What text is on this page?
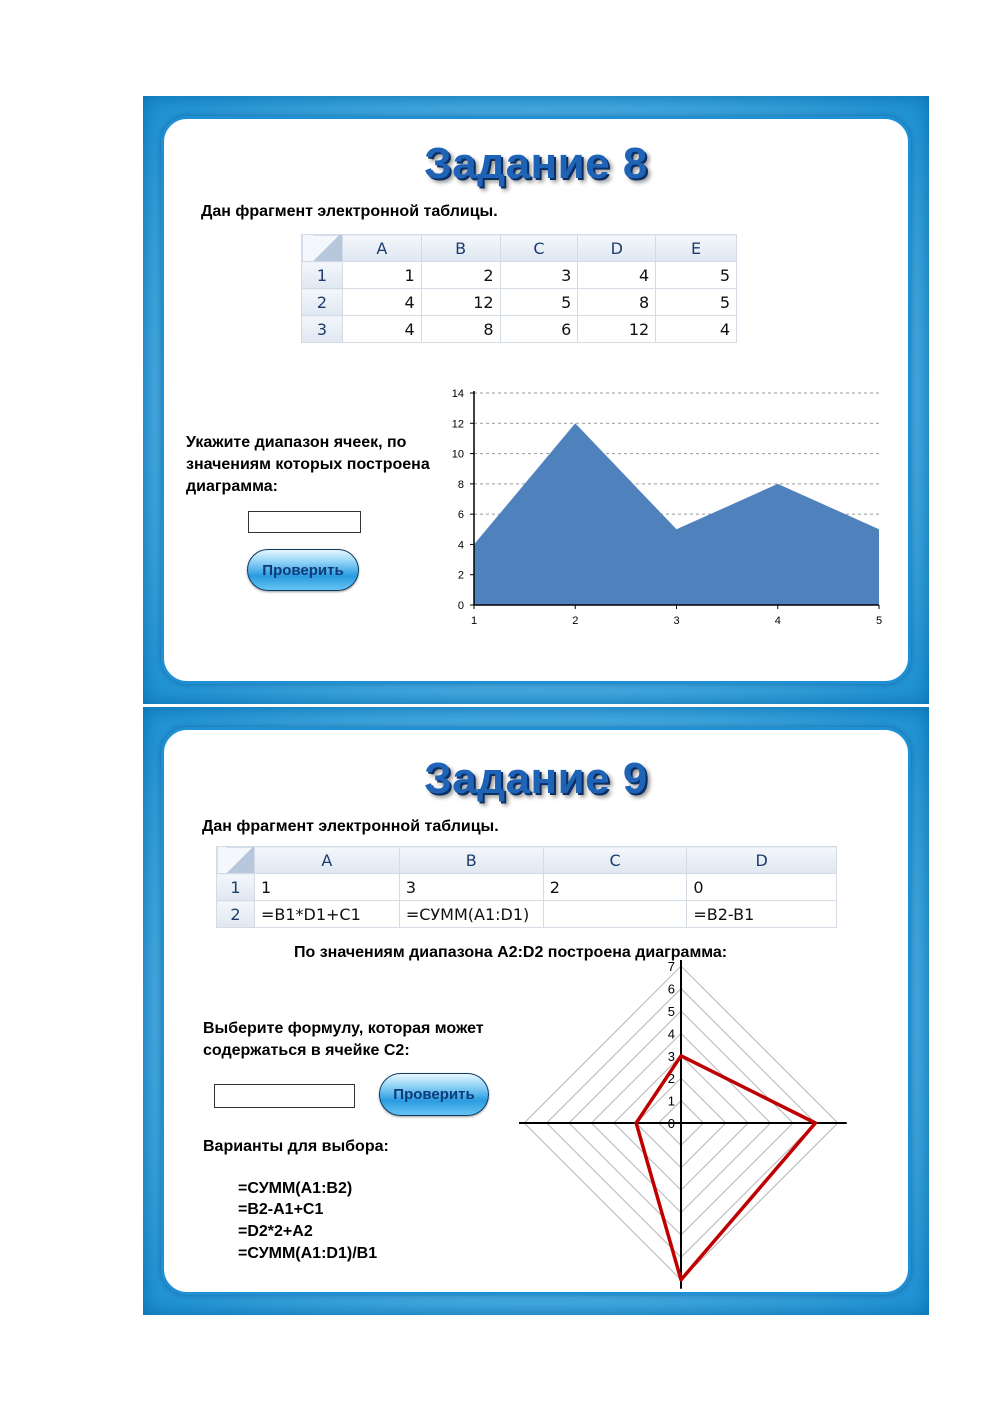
Задание 8
Дан фрагмент электронной таблицы.
	A	B	C	D	E
1	1	2	3	4	5
2	4	12	5	8	5
3	4	8	6	12	4
Укажите диапазон ячеек, по значениям которых построена диаграмма:
Проверить
0
2
4
6
8
10
12
14
1	2	3	4	5
Задание 9
Дан фрагмент электронной таблицы.
	A	B	C	D
1	1	3	2	0
2	=B1*D1+C1	=СУММ(A1:D1)		=B2-B1
По значениям диапазона A2:D2 построена диаграмма:
Выберите формулу, которая может содержаться в ячейке С2:
Проверить
Варианты для выбора:
=СУММ(A1:B2)
=B2-A1+C1
=D2*2+A2
=СУММ(A1:D1)/B1
0
1
2
3
4
5
6
7
